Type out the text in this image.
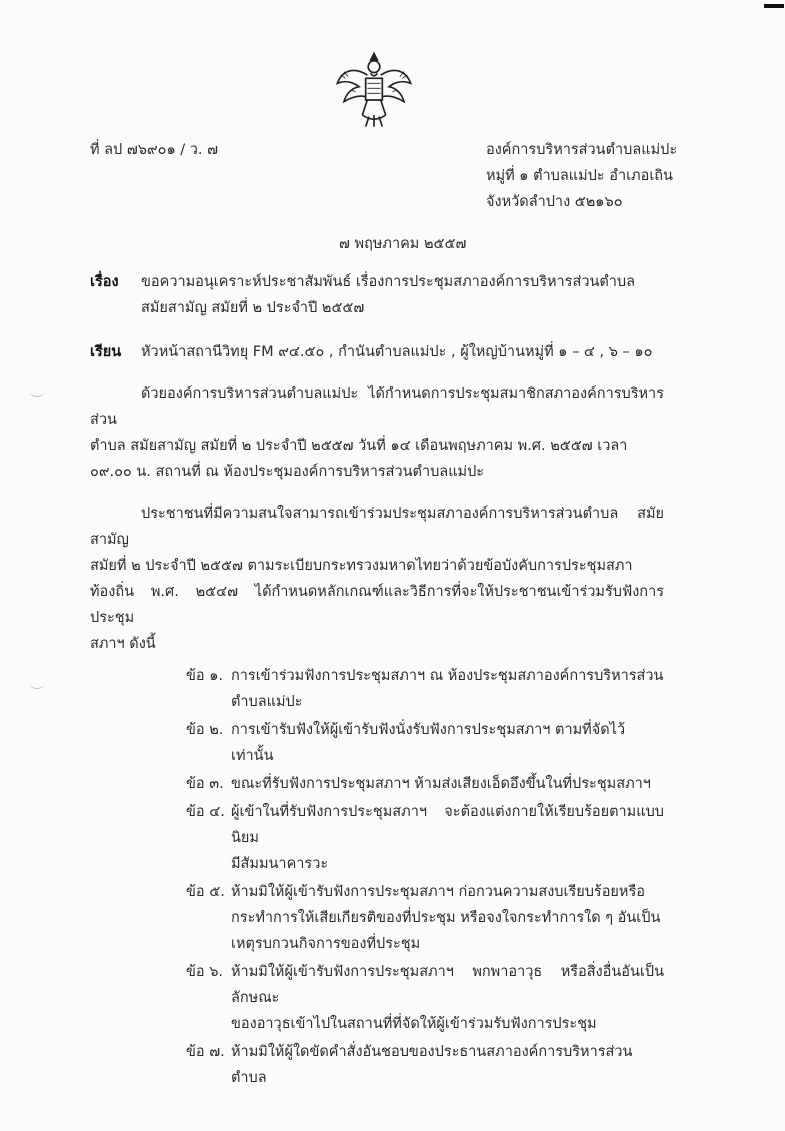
ที่ ลป ๗๖๙๐๑ / ว. ๗	องค์การบริหารส่วนตำบลแม่ปะ
หมู่ที่ ๑ ตำบลแม่ปะ อำเภอเถิน
จังหวัดลำปาง ๕๒๑๖๐
๗ พฤษภาคม ๒๕๕๗
เรื่อง	ขอความอนุเคราะห์ประชาสัมพันธ์ เรื่องการประชุมสภาองค์การบริหารส่วนตำบล
สมัยสามัญ สมัยที่ ๒ ประจำปี ๒๕๕๗
เรียน	หัวหน้าสถานีวิทยุ FM ๙๔.๕๐ , กำนันตำบลแม่ปะ , ผู้ใหญ่บ้านหมู่ที่ ๑ – ๔ , ๖ – ๑๐
ด้วยองค์การบริหารส่วนตำบลแม่ปะ ได้กำหนดการประชุมสมาชิกสภาองค์การบริหารส่วน
ตำบล สมัยสามัญ สมัยที่ ๒ ประจำปี ๒๕๕๗ วันที่ ๑๔ เดือนพฤษภาคม พ.ศ. ๒๕๕๗ เวลา
๐๙.๐๐ น. สถานที่ ณ ห้องประชุมองค์การบริหารส่วนตำบลแม่ปะ
ประชาชนที่มีความสนใจสามารถเข้าร่วมประชุมสภาองค์การบริหารส่วนตำบล สมัยสามัญ
สมัยที่ ๒ ประจำปี ๒๕๕๗ ตามระเบียบกระทรวงมหาดไทยว่าด้วยข้อบังคับการประชุมสภา
ท้องถิ่น พ.ศ. ๒๕๔๗ ได้กำหนดหลักเกณฑ์และวิธีการที่จะให้ประชาชนเข้าร่วมรับฟังการประชุม
สภาฯ ดังนี้
ข้อ ๑. การเข้าร่วมฟังการประชุมสภาฯ ณ ห้องประชุมสภาองค์การบริหารส่วน
ตำบลแม่ปะ
ข้อ ๒. การเข้ารับฟังให้ผู้เข้ารับฟังนั่งรับฟังการประชุมสภาฯ ตามที่จัดไว้เท่านั้น
ข้อ ๓. ขณะที่รับฟังการประชุมสภาฯ ห้ามส่งเสียงเอ็ดอึงขึ้นในที่ประชุมสภาฯ
ข้อ ๔. ผู้เข้าในที่รับฟังการประชุมสภาฯ จะต้องแต่งกายให้เรียบร้อยตามแบบนิยม
มีสัมมนาคารวะ
ข้อ ๕. ห้ามมิให้ผู้เข้ารับฟังการประชุมสภาฯ ก่อกวนความสงบเรียบร้อยหรือ
กระทำการให้เสียเกียรติของที่ประชุม หรือจงใจกระทำการใด ๆ อันเป็น
เหตุรบกวนกิจการของที่ประชุม
ข้อ ๖. ห้ามมิให้ผู้เข้ารับฟังการประชุมสภาฯ พกพาอาวุธ หรือสิ่งอื่นอันเป็นลักษณะ
ของอาวุธเข้าไปในสถานที่ที่จัดให้ผู้เข้าร่วมรับฟังการประชุม
ข้อ ๗. ห้ามมิให้ผู้ใดขัดคำสั่งอันชอบของประธานสภาองค์การบริหารส่วนตำบล
